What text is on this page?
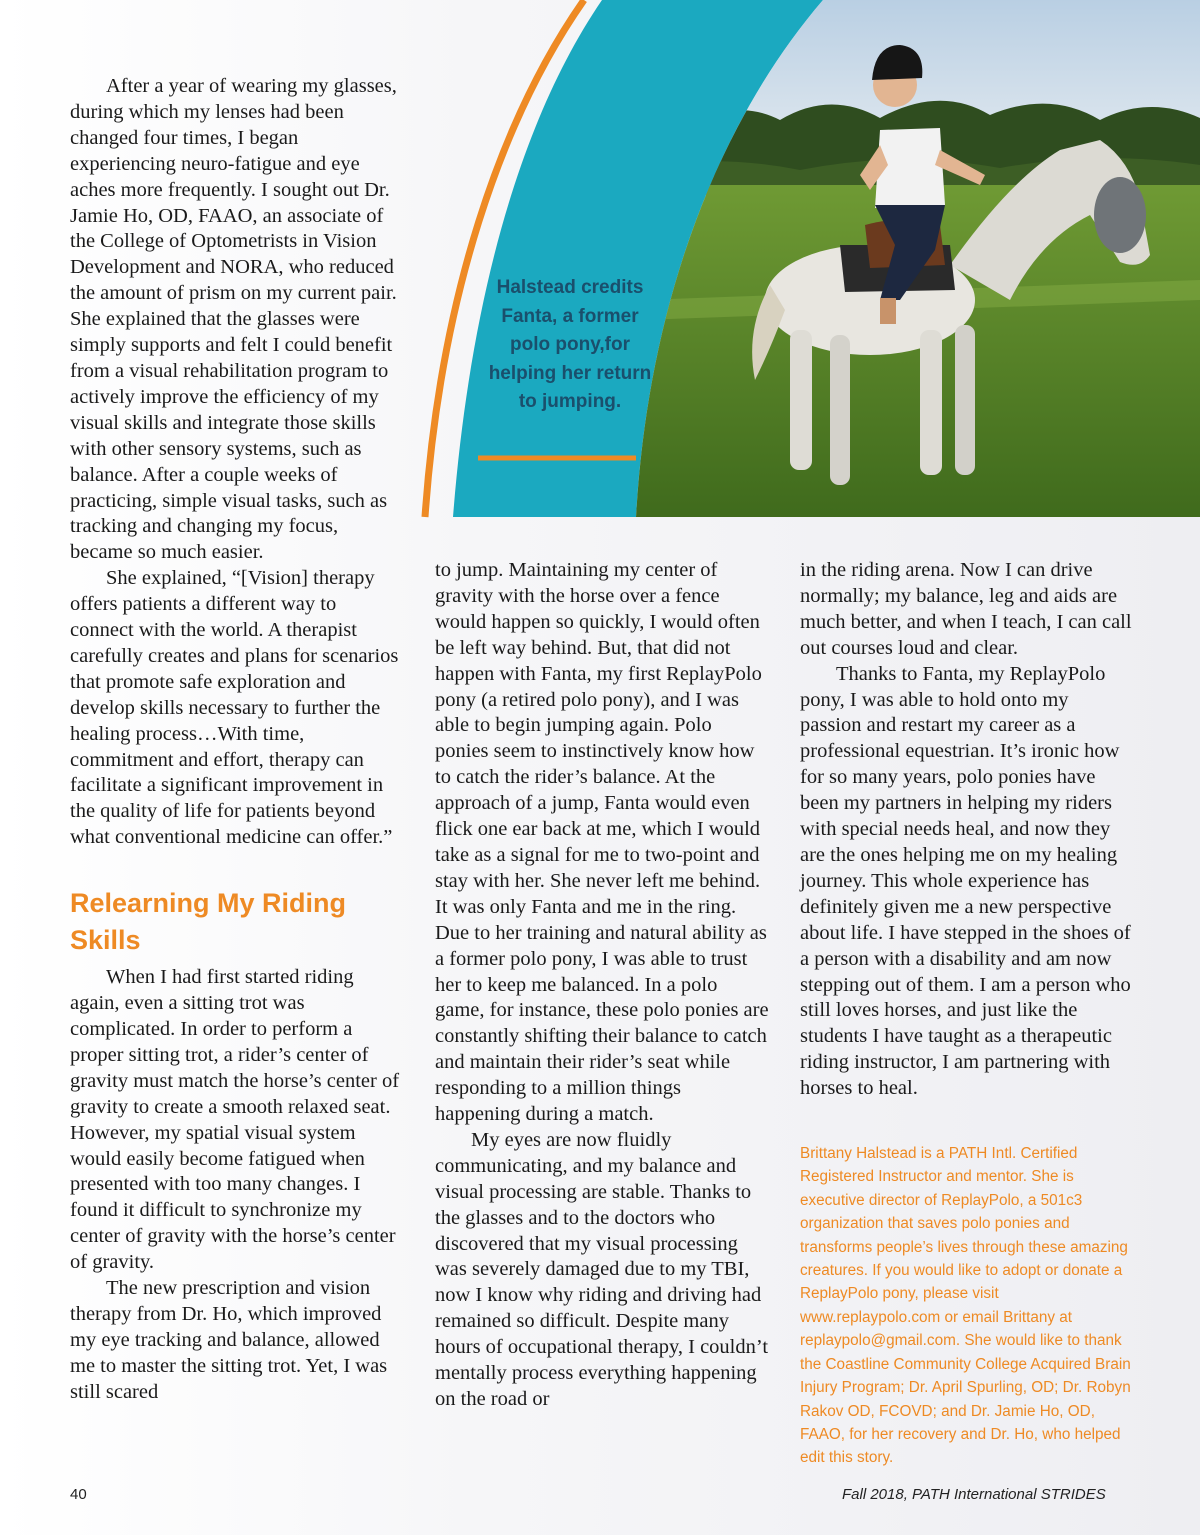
Halstead credits Fanta, a former polo pony,for helping her return to jumping.

After a year of wearing my glasses, during which my lenses had been changed four times, I began experiencing neuro-fatigue and eye aches more frequently. I sought out Dr. Jamie Ho, OD, FAAO, an associate of the College of Optometrists in Vision Development and NORA, who reduced the amount of prism on my current pair. She explained that the glasses were simply supports and felt I could benefit from a visual rehabilitation program to actively improve the efficiency of my visual skills and integrate those skills with other sensory systems, such as balance. After a couple weeks of practicing, simple visual tasks, such as tracking and changing my focus, became so much easier.

She explained, “[Vision] therapy offers patients a different way to connect with the world. A therapist carefully creates and plans for scenarios that promote safe exploration and develop skills necessary to further the healing process…With time, commitment and effort, therapy can facilitate a significant improvement in the quality of life for patients beyond what conventional medicine can offer.”

Relearning My Riding Skills

When I had first started riding again, even a sitting trot was complicated. In order to perform a proper sitting trot, a rider’s center of gravity must match the horse’s center of gravity to create a smooth relaxed seat. However, my spatial visual system would easily become fatigued when presented with too many changes. I found it difficult to synchronize my center of gravity with the horse’s center of gravity.

The new prescription and vision therapy from Dr. Ho, which improved my eye tracking and balance, allowed me to master the sitting trot. Yet, I was still scared

to jump. Maintaining my center of gravity with the horse over a fence would happen so quickly, I would often be left way behind. But, that did not happen with Fanta, my first ReplayPolo pony (a retired polo pony), and I was able to begin jumping again. Polo ponies seem to instinctively know how to catch the rider’s balance. At the approach of a jump, Fanta would even flick one ear back at me, which I would take as a signal for me to two-point and stay with her. She never left me behind. It was only Fanta and me in the ring. Due to her training and natural ability as a former polo pony, I was able to trust her to keep me balanced. In a polo game, for instance, these polo ponies are constantly shifting their balance to catch and maintain their rider’s seat while responding to a million things happening during a match.

My eyes are now fluidly communicating, and my balance and visual processing are stable. Thanks to the glasses and to the doctors who discovered that my visual processing was severely damaged due to my TBI, now I know why riding and driving had remained so difficult. Despite many hours of occupational therapy, I couldn’t mentally process everything happening on the road or

in the riding arena. Now I can drive normally; my balance, leg and aids are much better, and when I teach, I can call out courses loud and clear.

Thanks to Fanta, my ReplayPolo pony, I was able to hold onto my passion and restart my career as a professional equestrian. It’s ironic how for so many years, polo ponies have been my partners in helping my riders with special needs heal, and now they are the ones helping me on my healing journey. This whole experience has definitely given me a new perspective about life. I have stepped in the shoes of a person with a disability and am now stepping out of them. I am a person who still loves horses, and just like the students I have taught as a therapeutic riding instructor, I am partnering with horses to heal.

Brittany Halstead is a PATH Intl. Certified Registered Instructor and mentor. She is executive director of ReplayPolo, a 501c3 organization that saves polo ponies and transforms people’s lives through these amazing creatures. If you would like to adopt or donate a ReplayPolo pony, please visit www.replaypolo.com or email Brittany at replaypolo@gmail.com. She would like to thank the Coastline Community College Acquired Brain Injury Program; Dr. April Spurling, OD; Dr. Robyn Rakov OD, FCOVD; and Dr. Jamie Ho, OD, FAAO, for her recovery and Dr. Ho, who helped edit this story.
40	Fall 2018, PATH International STRIDES
